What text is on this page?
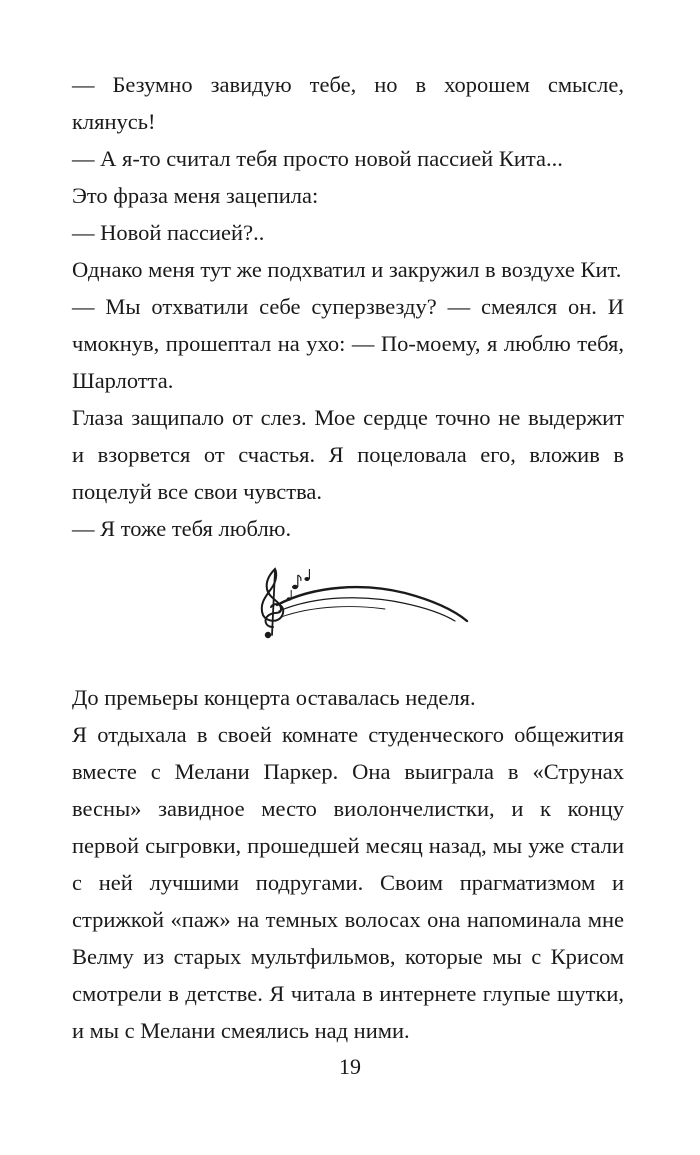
— Безумно завидую тебе, но в хорошем смысле, клянусь!

— А я-то считал тебя просто новой пассией Кита...

Это фраза меня зацепила:

— Новой пассией?..

Однако меня тут же подхватил и закружил в воздухе Кит.

— Мы отхватили себе суперзвезду? — смеялся он. И чмокнув, прошептал на ухо: — По-моему, я люблю тебя, Шарлотта.

Глаза защипало от слез. Мое сердце точно не выдержит и взорвется от счастья. Я поцеловала его, вложив в поцелуй все свои чувства.

— Я тоже тебя люблю.

До премьеры концерта оставалась неделя.

Я отдыхала в своей комнате студенческого общежития вместе с Мелани Паркер. Она выиграла в «Струнах весны» завидное место виолончелистки, и к концу первой сыгровки, прошедшей месяц назад, мы уже стали с ней лучшими подругами. Своим прагматизмом и стрижкой «паж» на темных волосах она напоминала мне Велму из старых мультфильмов, которые мы с Крисом смотрели в детстве. Я читала в интернете глупые шутки, и мы с Мелани смеялись над ними.

19
